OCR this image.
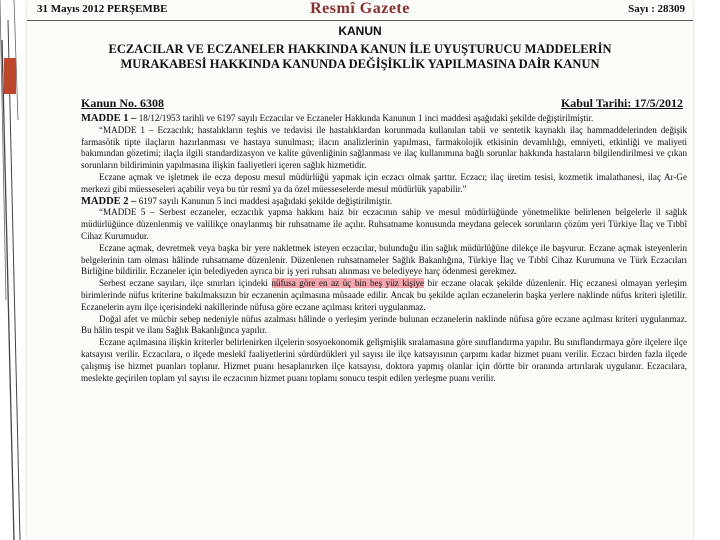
31 Mayıs 2012 PERŞEMBE	Resmî Gazete	Sayı : 28309
KANUN
ECZACILAR VE ECZANELER HAKKINDA KANUN İLE UYUŞTURUCU MADDELERİN MURAKABESİ HAKKINDA KANUNDA DEĞİŞİKLİK YAPILMASINA DAİR KANUN
Kanun No. 6308	Kabul Tarihi: 17/5/2012

MADDE 1 – 18/12/1953 tarihli ve 6197 sayılı Eczacılar ve Eczaneler Hakkında Kanunun 1 inci maddesi aşağıdaki şekilde değiştirilmiştir.

“MADDE 1 – Eczacılık; hastalıkların teşhis ve tedavisi ile hastalıklardan korunmada kullanılan tabii ve sentetik kaynaklı ilaç hammaddelerinden değişik farmasötik tipte ilaçların hazırlanması ve hastaya sunulması; ilacın analizlerinin yapılması, farmakolojik etkisinin devamlılığı, emniyeti, etkinliği ve maliyeti bakımından gözetimi; ilaçla ilgili standardizasyon ve kalite güvenliğinin sağlanması ve ilaç kullanımına bağlı sorunlar hakkında hastaların bilgilendirilmesi ve çıkan sorunların bildiriminin yapılmasına ilişkin faaliyetleri içeren sağlık hizmetidir.

Eczane açmak ve işletmek ile ecza deposu mesul müdürlüğü yapmak için eczacı olmak şarttır. Eczacı; ilaç üretim tesisi, kozmetik imalathanesi, ilaç Ar-Ge merkezi gibi müesseseleri açabilir veya bu tür resmî ya da özel müesseselerde mesul müdürlük yapabilir.”

MADDE 2 – 6197 sayılı Kanunun 5 inci maddesi aşağıdaki şekilde değiştirilmiştir.

“MADDE 5 – Serbest eczaneler, eczacılık yapma hakkını haiz bir eczacının sahip ve mesul müdürlüğünde yönetmelikte belirlenen belgelerle il sağlık müdürlüğünce düzenlenmiş ve valilikçe onaylanmış bir ruhsatname ile açılır. Ruhsatname konusunda meydana gelecek sorunların çözüm yeri Türkiye İlaç ve Tıbbî Cihaz Kurumudur.

Eczane açmak, devretmek veya başka bir yere nakletmek isteyen eczacılar, bulunduğu ilin sağlık müdürlüğüne dilekçe ile başvurur. Eczane açmak isteyenlerin belgelerinin tam olması hâlinde ruhsatname düzenlenir. Düzenlenen ruhsatnameler Sağlık Bakanlığına, Türkiye İlaç ve Tıbbî Cihaz Kurumuna ve Türk Eczacıları Birliğine bildirilir. Eczaneler için belediyeden ayrıca bir iş yeri ruhsatı alınması ve belediyeye harç ödenmesi gerekmez.

Serbest eczane sayıları, ilçe sınırları içindeki nüfusa göre en az üç bin beş yüz kişiye bir eczane olacak şekilde düzenlenir. Hiç eczanesi olmayan yerleşim birimlerinde nüfus kriterine bakılmaksızın bir eczanenin açılmasına müsaade edilir. Ancak bu şekilde açılan eczanelerin başka yerlere naklinde nüfus kriteri işletilir. Eczanelerin aynı ilçe içerisindeki nakillerinde nüfusa göre eczane açılması kriteri uygulanmaz.

Doğal afet ve mücbir sebep nedeniyle nüfus azalması hâlinde o yerleşim yerinde bulunan eczanelerin naklinde nüfusa göre eczane açılması kriteri uygulanmaz. Bu hâlin tespit ve ilanı Sağlık Bakanlığınca yapılır.

Eczane açılmasına ilişkin kriterler belirlenirken ilçelerin sosyoekonomik gelişmişlik sıralamasına göre sınıflandırma yapılır. Bu sınıflandırmaya göre ilçelere ilçe katsayısı verilir. Eczacılara, o ilçede meslekî faaliyetlerini sürdürdükleri yıl sayısı ile ilçe katsayısının çarpımı kadar hizmet puanı verilir. Eczacı birden fazla ilçede çalışmış ise hizmet puanları toplanır. Hizmet puanı hesaplanırken ilçe katsayısı, doktora yapmış olanlar için dörtte bir oranında artırılarak uygulanır. Eczacılara, meslekte geçirilen toplam yıl sayısı ile eczacının hizmet puanı toplamı sonucu tespit edilen yerleşme puanı verilir.
